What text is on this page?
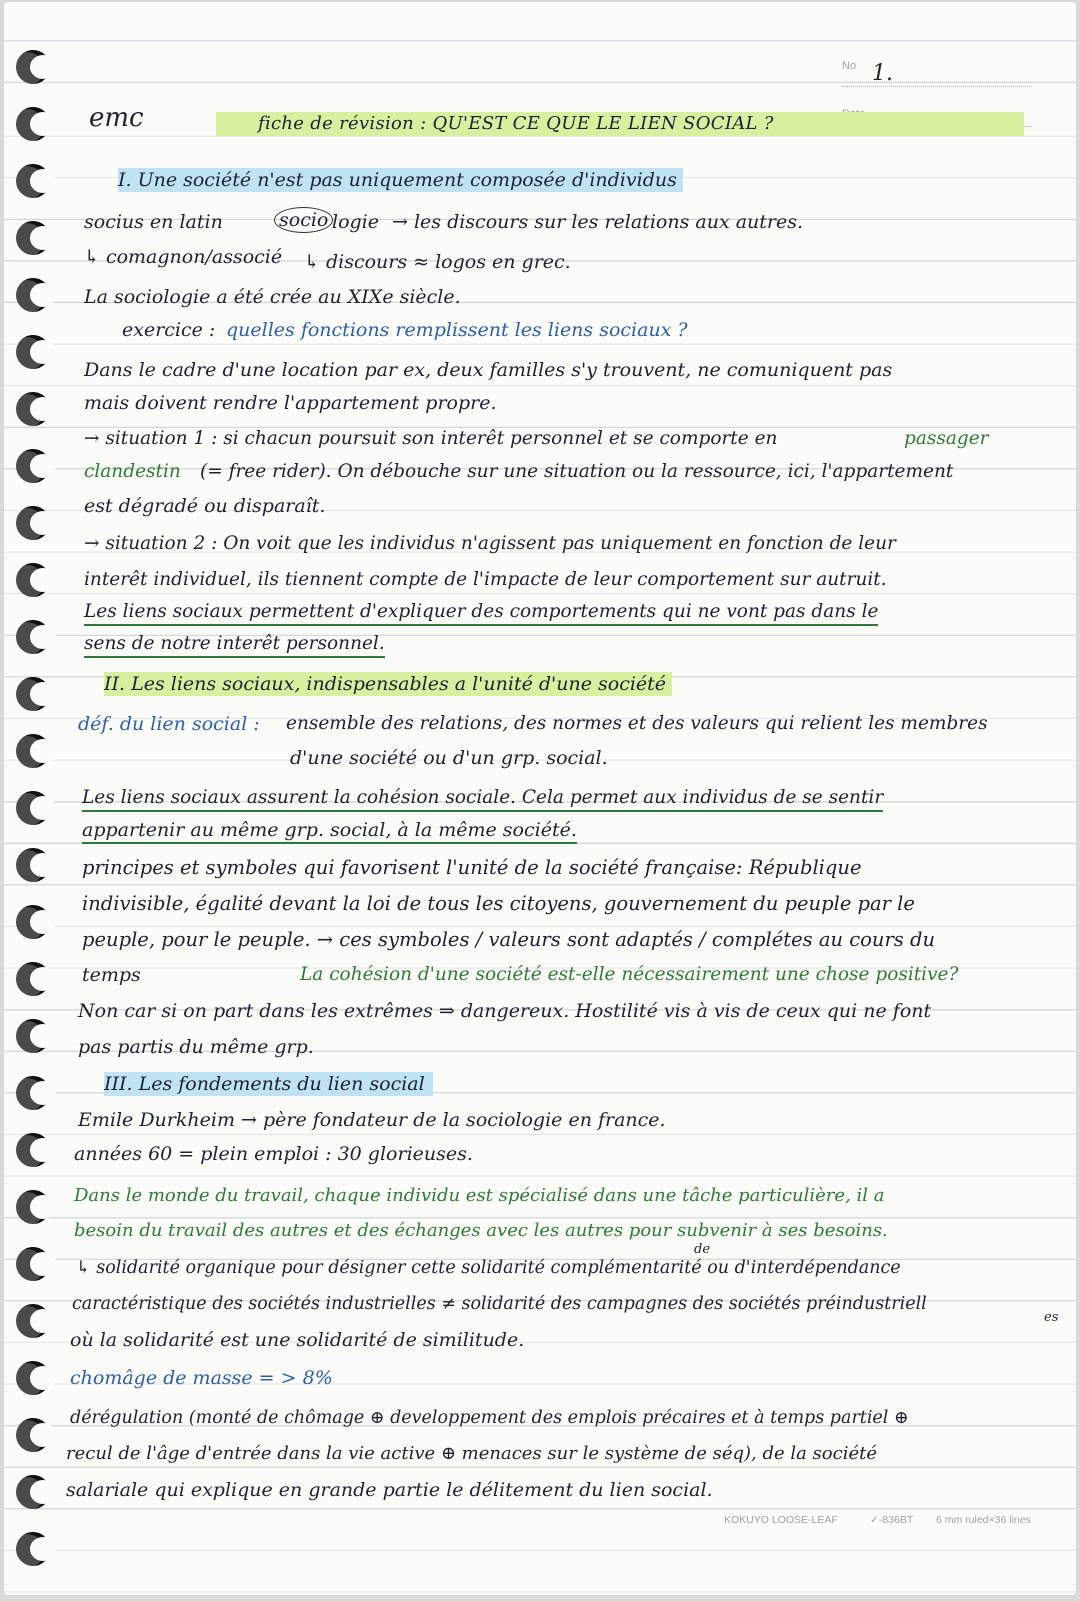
No 1.
emc	fiche de révision : QU'EST CE QUE LE LIEN SOCIAL ?
I. Une société n'est pas uniquement composée d'individus
socius en latin	socio logie → les discours sur les relations aux autres.
↳ comagnon/associé ↳ discours ≈ logos en grec.
La sociologie a été crée au XIXe siècle.
exercice : quelles fonctions remplissent les liens sociaux ?
Dans le cadre d'une location par ex, deux familles s'y trouvent, ne comuniquent pas
mais doivent rendre l'appartement propre.
→ situation 1 : si chacun poursuit son interêt personnel et se comporte en	passager
clandestin (= free rider). On débouche sur une situation ou la ressource, ici, l'appartement
est dégradé ou disparaît.
→ situation 2 : On voit que les individus n'agissent pas uniquement en fonction de leur
interêt individuel, ils tiennent compte de l'impacte de leur comportement sur autruit.
Les liens sociaux permettent d'expliquer des comportements qui ne vont pas dans le
sens de notre interêt personnel.
II. Les liens sociaux, indispensables a l'unité d'une société
déf. du lien social : ensemble des relations, des normes et des valeurs qui relient les membres
d'une société ou d'un grp. social.
Les liens sociaux assurent la cohésion sociale. Cela permet aux individus de se sentir
appartenir au même grp. social, à la même société.
principes et symboles qui favorisent l'unité de la société française: République
indivisible, égalité devant la loi de tous les citoyens, gouvernement du peuple par le
peuple, pour le peuple. → ces symboles / valeurs sont adaptés / complétes au cours du
temps	La cohésion d'une société est-elle nécessairement une chose positive?
Non car si on part dans les extrêmes ⇒ dangereux. Hostilité vis à vis de ceux qui ne font
pas partis du même grp.
III. Les fondements du lien social
Emile Durkheim → père fondateur de la sociologie en france.
années 60 = plein emploi : 30 glorieuses.
Dans le monde du travail, chaque individu est spécialisé dans une tâche particulière, il a
besoin du travail des autres et des échanges avec les autres pour subvenir à ses besoins.
de
↳ solidarité organique pour désigner cette solidarité complémentarité ou d'interdépendance
caractéristique des sociétés industrielles ≠ solidarité des campagnes des sociétés préindustriell
es
où la solidarité est une solidarité de similitude.
chomâge de masse = > 8%
dérégulation (monté de chômage ⊕ developpement des emplois précaires et à temps partiel ⊕
recul de l'âge d'entrée dans la vie active ⊕ menaces sur le système de séq), de la société
salariale qui explique en grande partie le délitement du lien social.
KOKUYO LOOSE-LEAF	✓-836BT 6 mm ruled×36 lines
